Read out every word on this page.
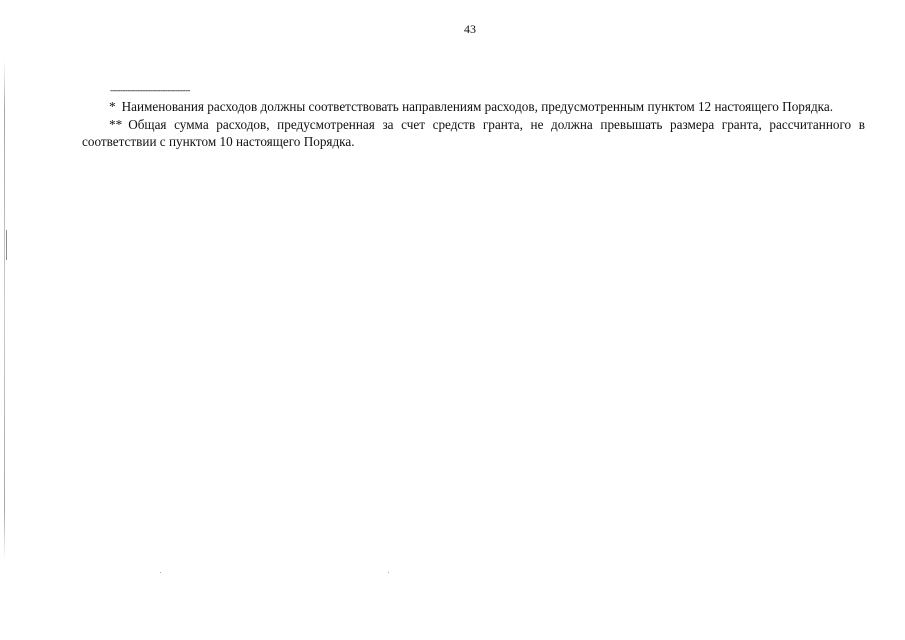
43
--------------------------------

* Наименования расходов должны соответствовать направлениям расходов, предусмотренным пунктом 12 настоящего Порядка.

** Общая сумма расходов, предусмотренная за счет средств гранта, не должна превышать размера гранта, рассчитанного в соответствии с пунктом 10 настоящего Порядка.
